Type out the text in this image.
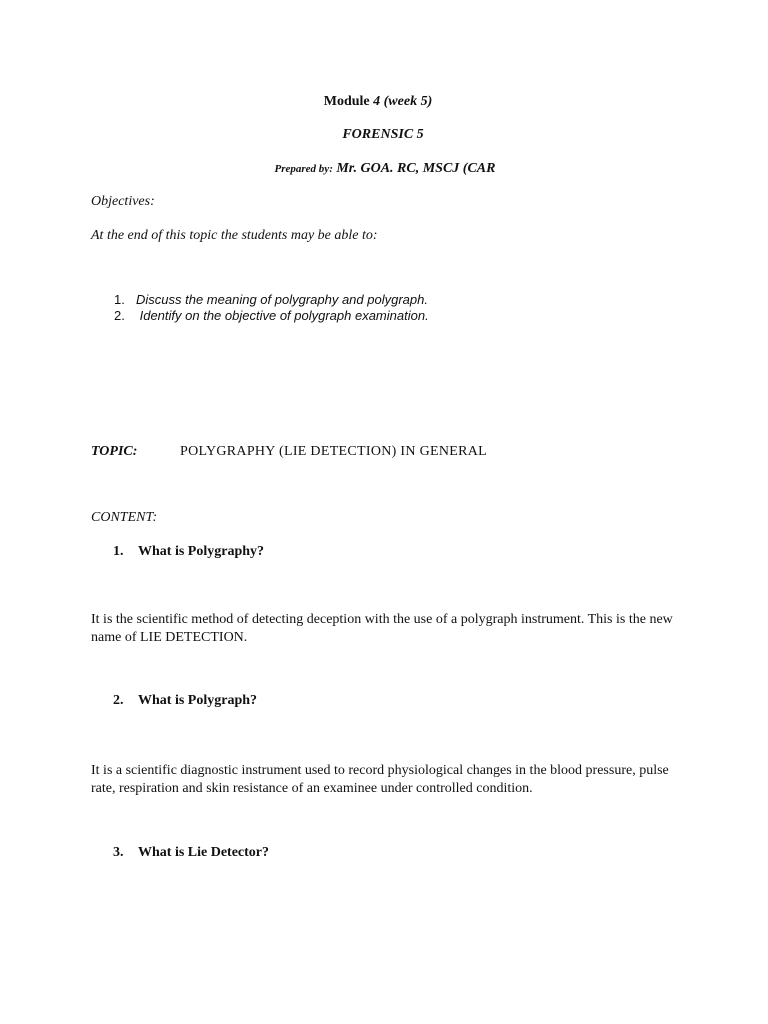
Module 4 (week 5)
FORENSIC 5
Prepared by: Mr. GOA. RC, MSCJ (CAR
Objectives:
At the end of this topic the students may be able to:
1. Discuss the meaning of polygraphy and polygraph.
2. Identify on the objective of polygraph examination.
TOPIC:	POLYGRAPHY (LIE DETECTION) IN GENERAL
CONTENT:
1. What is Polygraphy?
It is the scientific method of detecting deception with the use of a polygraph instrument. This is the new name of LIE DETECTION.
2. What is Polygraph?
It is a scientific diagnostic instrument used to record physiological changes in the blood pressure, pulse rate, respiration and skin resistance of an examinee under controlled condition.
3. What is Lie Detector?
